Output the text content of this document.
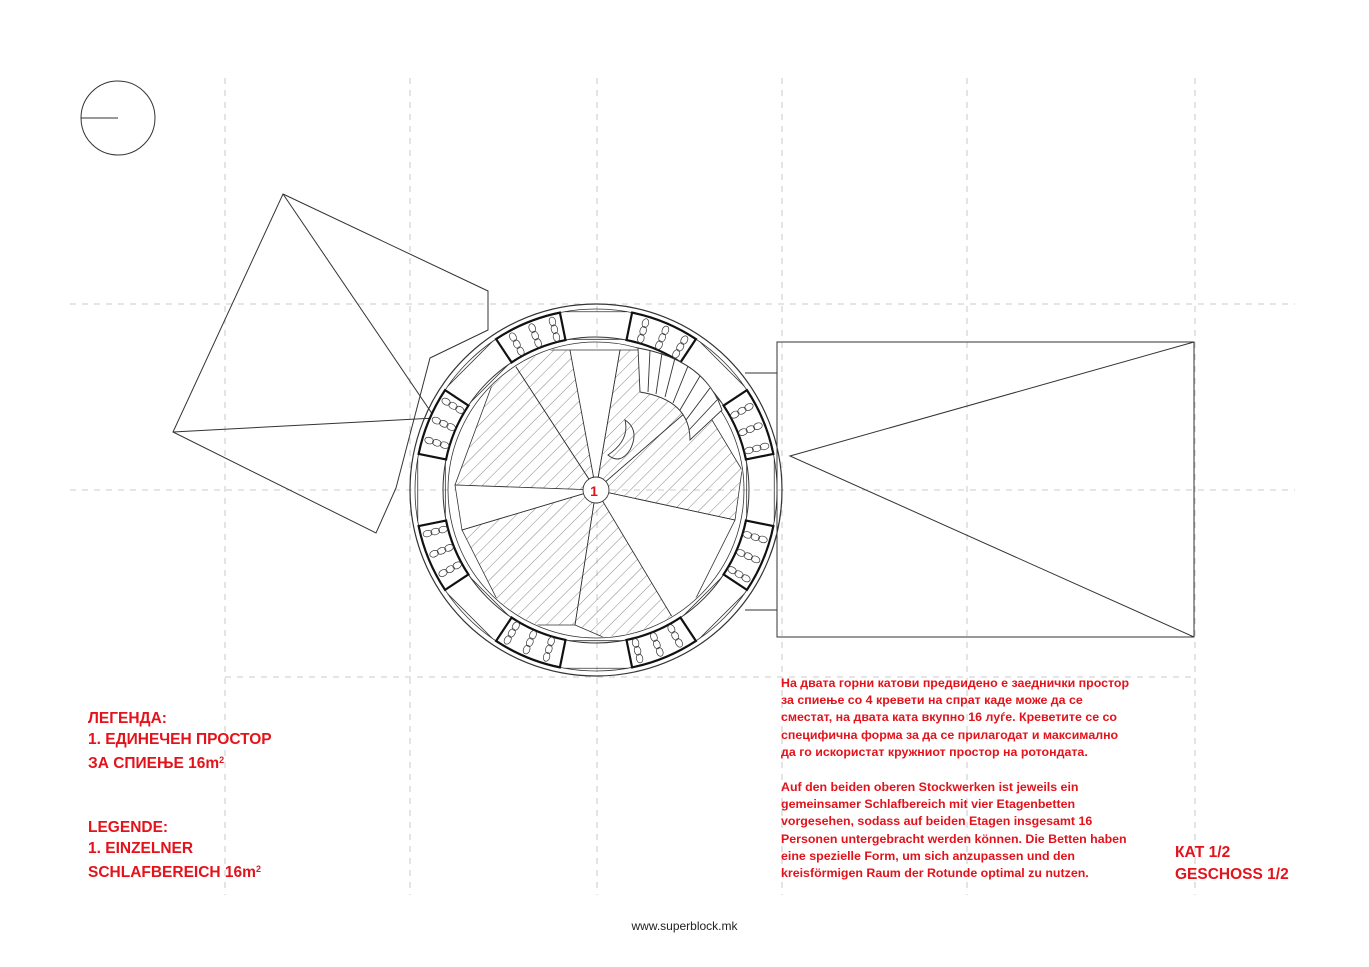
1
ЛЕГЕНДА:
1. ЕДИНЕЧЕН ПРОСТОР
ЗА СПИЕЊЕ $16m^2$
LEGENDE:
1. EINZELNER
SCHLAFBEREICH $16m^2$
На двата горни катови предвидено е заеднички простор
за спиење со 4 кревети на спрат каде може да се
сместат, на двата ката вкупно 16 луѓе. Креветите се со
специфична форма за да се прилагодат и максимално
да го искористат кружниот простор на ротондата.
Auf den beiden oberen Stockwerken ist jeweils ein
gemeinsamer Schlafbereich mit vier Etagenbetten
vorgesehen, sodass auf beiden Etagen insgesamt 16
Personen untergebracht werden können. Die Betten haben
eine spezielle Form, um sich anzupassen und den
kreisförmigen Raum der Rotunde optimal zu nutzen.
КАТ 1/2
GESCHOSS 1/2
www.superblock.mk
